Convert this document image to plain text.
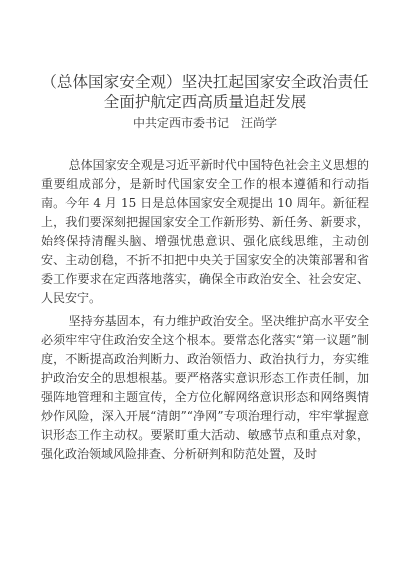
（总体国家安全观）坚决扛起国家安全政治责任　全面护航定西高质量追赶发展
中共定西市委书记　汪尚学

总体国家安全观是习近平新时代中国特色社会主义思想的重要组成部分，是新时代国家安全工作的根本遵循和行动指南。今年 4 月 15 日是总体国家安全观提出 10 周年。新征程上，我们要深刻把握国家安全工作新形势、新任务、新要求，始终保持清醒头脑、增强忧患意识、强化底线思维，主动创安、主动创稳，不折不扣把中央关于国家安全的决策部署和省委工作要求在定西落地落实，确保全市政治安全、社会安定、人民安宁。

坚持夯基固本，有力维护政治安全。坚决维护高水平安全必须牢牢守住政治安全这个根本。要常态化落实“第一议题”制度，不断提高政治判断力、政治领悟力、政治执行力，夯实维护政治安全的思想根基。要严格落实意识形态工作责任制，加强阵地管理和主题宣传，全方位化解网络意识形态和网络舆情炒作风险，深入开展“清朗”“净网”专项治理行动，牢牢掌握意识形态工作主动权。要紧盯重大活动、敏感节点和重点对象，强化政治领域风险排查、分析研判和防范处置，及时
